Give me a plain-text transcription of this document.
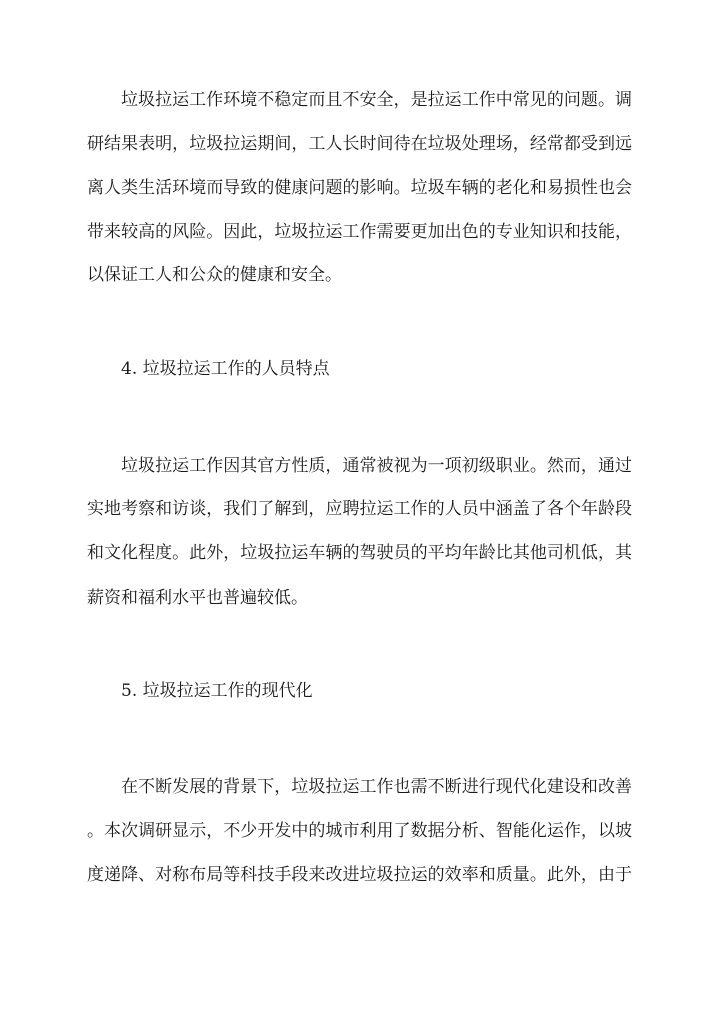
垃圾拉运工作环境不稳定而且不安全，是拉运工作中常见的问题。调
研结果表明，垃圾拉运期间，工人长时间待在垃圾处理场，经常都受到远
离人类生活环境而导致的健康问题的影响。垃圾车辆的老化和易损性也会
带来较高的风险。因此，垃圾拉运工作需要更加出色的专业知识和技能，
以保证工人和公众的健康和安全。
4. 垃圾拉运工作的人员特点
垃圾拉运工作因其官方性质，通常被视为一项初级职业。然而，通过
实地考察和访谈，我们了解到，应聘拉运工作的人员中涵盖了各个年龄段
和文化程度。此外，垃圾拉运车辆的驾驶员的平均年龄比其他司机低，其
薪资和福利水平也普遍较低。
5. 垃圾拉运工作的现代化
在不断发展的背景下，垃圾拉运工作也需不断进行现代化建设和改善
。本次调研显示，不少开发中的城市利用了数据分析、智能化运作，以坡
度递降、对称布局等科技手段来改进垃圾拉运的效率和质量。此外，由于
